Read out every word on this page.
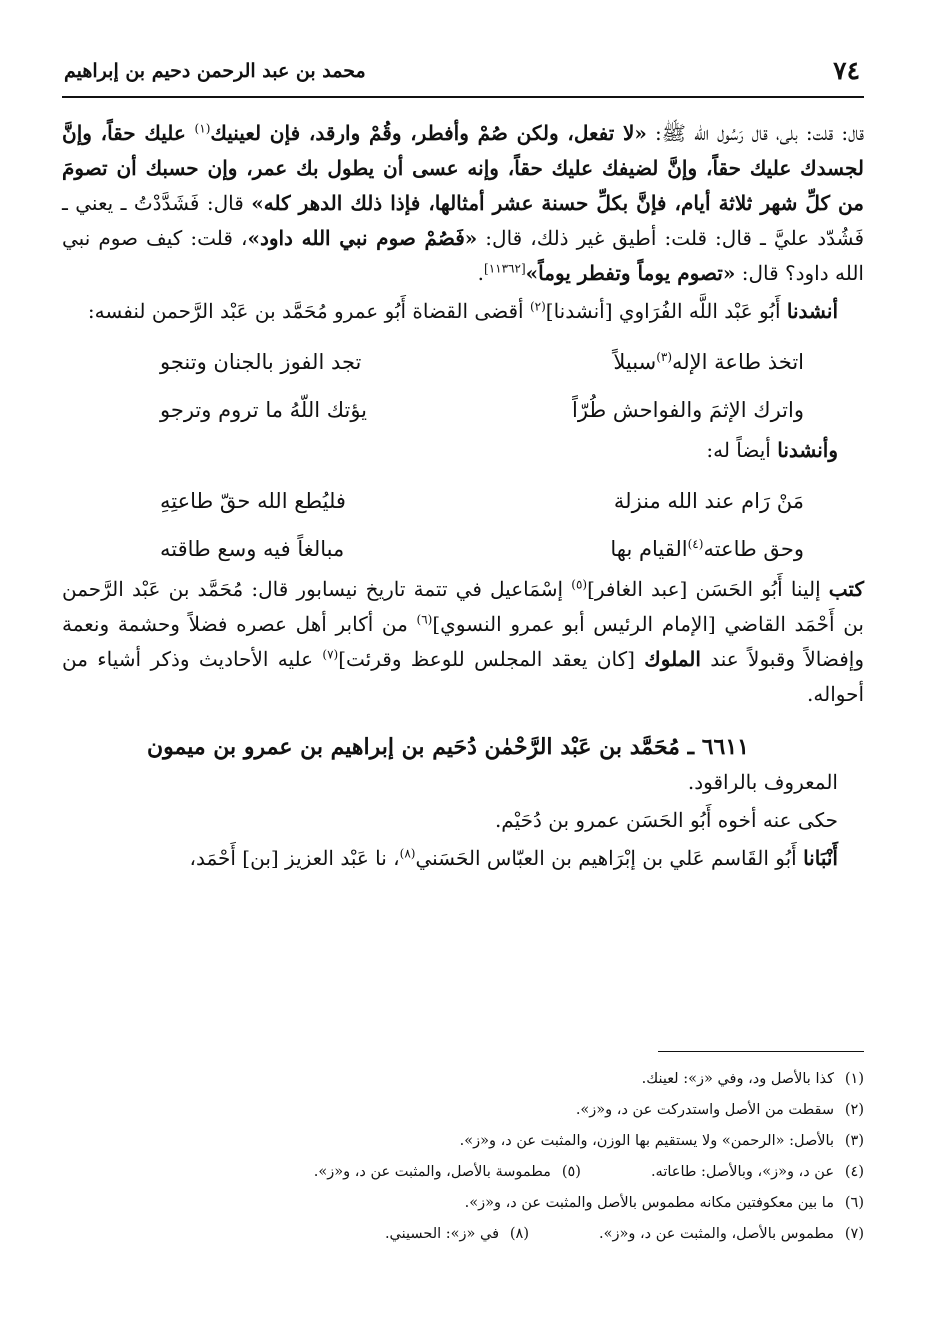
٧٤
محمد بن عبد الرحمن دحيم بن إبراهيم

قال: قلت: بلى، قال رَسُول الله ﷺ: «لا تفعل، ولكن صُمْ وأفطر، وقُمْ وارقد، فإن لعينيك$^{(١)}$ عليك حقاً، وإنَّ لجسدك عليك حقاً، وإنَّ لضيفك عليك حقاً، وإنه عسى أن يطول بك عمر، وإن حسبك أن تصومَ من كلِّ شهر ثلاثة أيام، فإنَّ بكلِّ حسنة عشر أمثالها، فإذا ذلك الدهر كله» قال: فَشَدَّدْتُ ـ يعني ـ فَشُدّد عليَّ ـ قال: قلت: أطيق غير ذلك، قال: «فَصُمْ صوم نبي الله داود»، قلت: كيف صوم نبي الله داود؟ قال: «تصوم يوماً وتفطر يوماً»[١١٣٦٢].

أنشدنا أَبُو عَبْد اللَّه الفُرَاوي [أنشدنا]$^{(٢)}$ أقضى القضاة أَبُو عمرو مُحَمَّد بن عَبْد الرَّحمن لنفسه:

اتخذ طاعة الإله$^{(٣)}$سبيلاً
تجد الفوز بالجنان وتنجو
واترك الإثمَ والفواحش طُرّاً
يؤتك اللّهُ ما تروم وترجو

وأنشدنا أيضاً له:

مَنْ رَام عند الله منزلة
فليُطع الله حقّ طاعتِهِ
وحق طاعته$^{(٤)}$القيام بها
مبالغاً فيه وسع طاقته

كتب إلينا أَبُو الحَسَن [عبد الغافر]$^{(٥)}$ إسْمَاعيل في تتمة تاريخ نيسابور قال: مُحَمَّد بن عَبْد الرَّحمن بن أَحْمَد القاضي [الإمام الرئيس أبو عمرو النسوي]$^{(٦)}$ من أكابر أهل عصره فضلاً وحشمة ونعمة وإفضالاً وقبولاً عند الملوك [كان يعقد المجلس للوعظ وقرئت]$^{(٧)}$ عليه الأحاديث وذكر أشياء من أحواله.

٦٦١١ ـ مُحَمَّد بن عَبْد الرَّحْمٰن دُحَيم بن إبراهيم بن عمرو بن ميمون

المعروف بالراقود.

حكى عنه أخوه أَبُو الحَسَن عمرو بن دُحَيْم.

أَنْبَانا أَبُو القَاسم عَلي بن إبْرَاهيم بن العبّاس الحَسَني$^{(٨)}$، نا عَبْد العزيز [بن] أَحْمَد،

(١)كذا بالأصل ود، وفي «ز»: لعينك.
(٢)سقطت من الأصل واستدركت عن د، و«ز».
(٣)بالأصل: «الرحمن» ولا يستقيم بها الوزن، والمثبت عن د، و«ز».
(٤)عن د، و«ز»، وبالأصل: طاعاته.(٥)مطموسة بالأصل، والمثبت عن د، و«ز».
(٦)ما بين معكوفتين مكانه مطموس بالأصل والمثبت عن د، و«ز».
(٧)مطموس بالأصل، والمثبت عن د، و«ز».(٨)في «ز»: الحسيني.
